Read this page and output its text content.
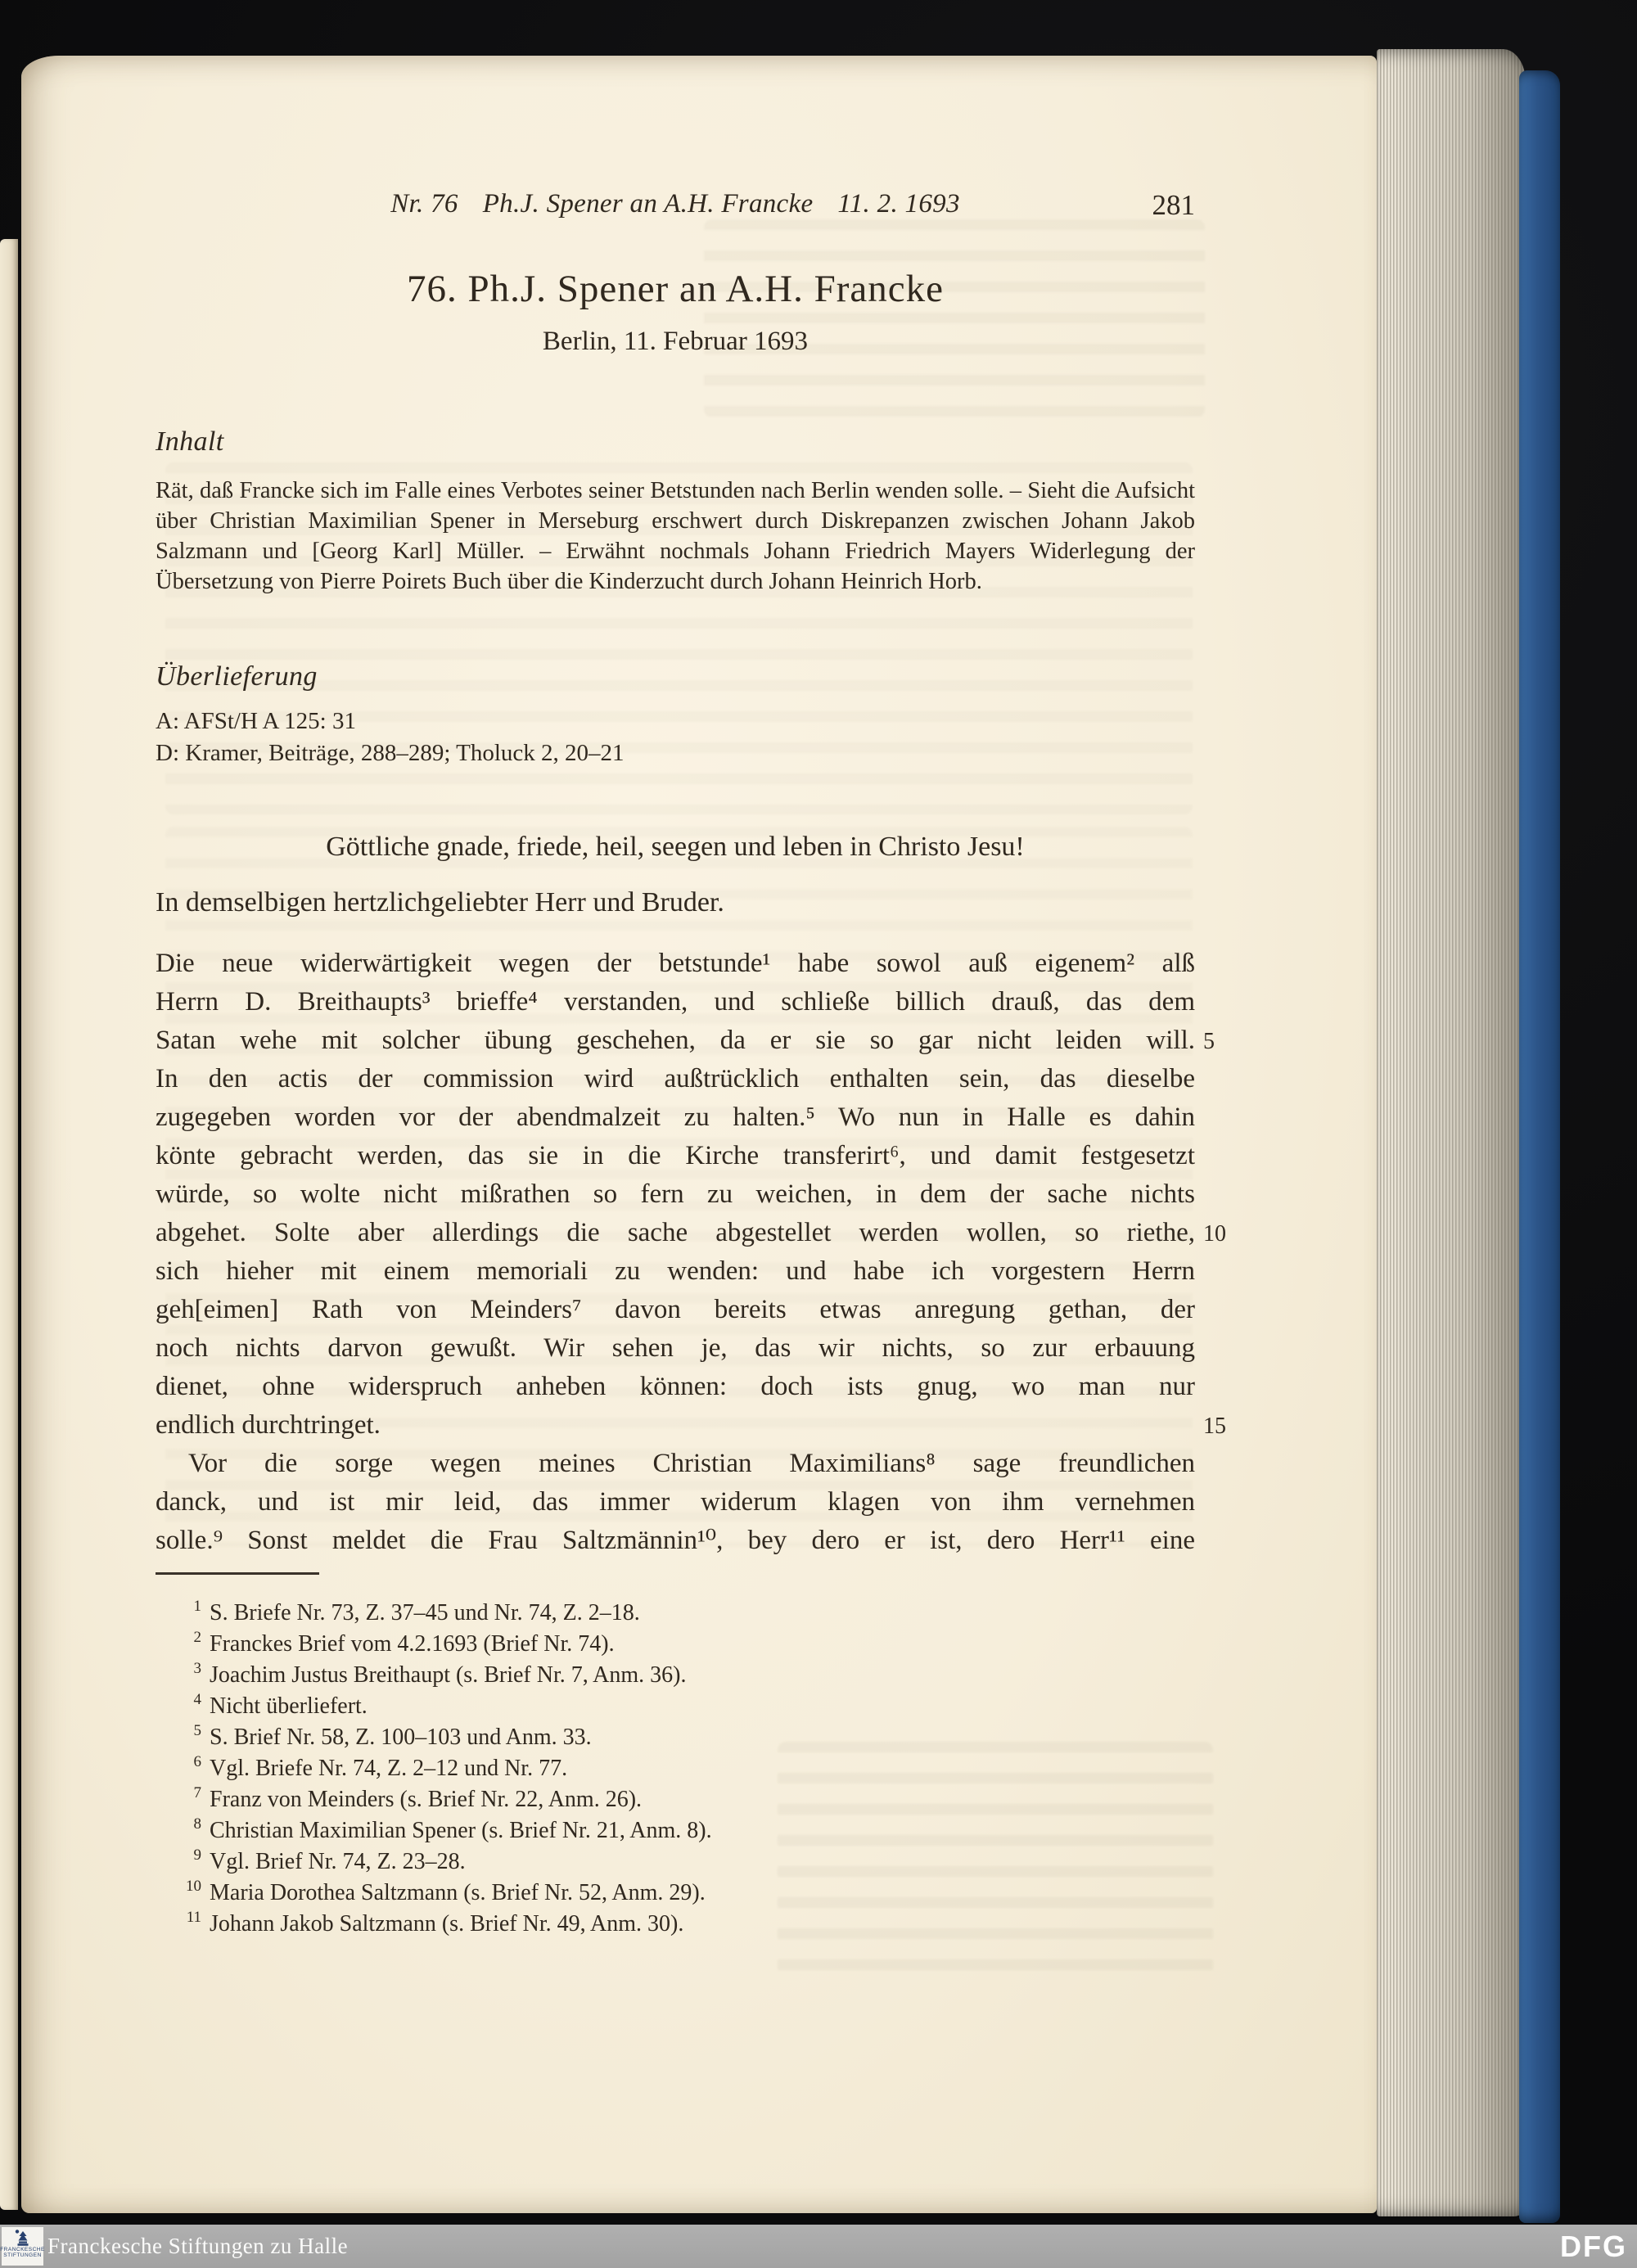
Nr. 76 Ph.J. Spener an A.H. Francke 11. 2. 1693	281
76. Ph.J. Spener an A.H. Francke
Berlin, 11. Februar 1693
Inhalt
Rät, daß Francke sich im Falle eines Verbotes seiner Betstunden nach Berlin wenden solle. – Sieht die Aufsicht über Christian Maximilian Spener in Merseburg erschwert durch Diskrepanzen zwischen Johann Jakob Salzmann und [Georg Karl] Müller. – Erwähnt nochmals Johann Friedrich Mayers Widerlegung der Übersetzung von Pierre Poirets Buch über die Kinderzucht durch Johann Heinrich Horb.
Überlieferung
A: AFSt/H A 125: 31
D: Kramer, Beiträge, 288–289; Tholuck 2, 20–21
Göttliche gnade, friede, heil, seegen und leben in Christo Jesu!
In demselbigen hertzlichgeliebter Herr und Bruder.
Die neue widerwärtigkeit wegen der betstunde¹ habe sowol auß eigenem² alß
Herrn D. Breithaupts³ brieffe⁴ verstanden, und schließe billich drauß, das dem
Satan wehe mit solcher übung geschehen, da er sie so gar nicht leiden will. 5
In den actis der commission wird außtrücklich enthalten sein, das dieselbe
zugegeben worden vor der abendmalzeit zu halten.⁵ Wo nun in Halle es dahin
könte gebracht werden, das sie in die Kirche transferirt⁶, und damit festgesetzt
würde, so wolte nicht mißrathen so fern zu weichen, in dem der sache nichts
abgehet. Solte aber allerdings die sache abgestellet werden wollen, so riethe, 10
sich hieher mit einem memoriali zu wenden: und habe ich vorgestern Herrn
geh[eimen] Rath von Meinders⁷ davon bereits etwas anregung gethan, der
noch nichts darvon gewußt. Wir sehen je, das wir nichts, so zur erbauung
dienet, ohne widerspruch anheben können: doch ists gnug, wo man nur
endlich durchtringet.	15
Vor die sorge wegen meines Christian Maximilians⁸ sage freundlichen
danck, und ist mir leid, das immer widerum klagen von ihm vernehmen
solle.⁹ Sonst meldet die Frau Saltzmännin¹⁰, bey dero er ist, dero Herr¹¹ eine
1 S. Briefe Nr. 73, Z. 37–45 und Nr. 74, Z. 2–18.
2 Franckes Brief vom 4.2.1693 (Brief Nr. 74).
3 Joachim Justus Breithaupt (s. Brief Nr. 7, Anm. 36).
4 Nicht überliefert.
5 S. Brief Nr. 58, Z. 100–103 und Anm. 33.
6 Vgl. Briefe Nr. 74, Z. 2–12 und Nr. 77.
7 Franz von Meinders (s. Brief Nr. 22, Anm. 26).
8 Christian Maximilian Spener (s. Brief Nr. 21, Anm. 8).
9 Vgl. Brief Nr. 74, Z. 23–28.
10 Maria Dorothea Saltzmann (s. Brief Nr. 52, Anm. 29).
11 Johann Jakob Saltzmann (s. Brief Nr. 49, Anm. 30).
FRANCKESCHE
STIFTUNGEN Franckesche Stiftungen zu Halle	DFG
